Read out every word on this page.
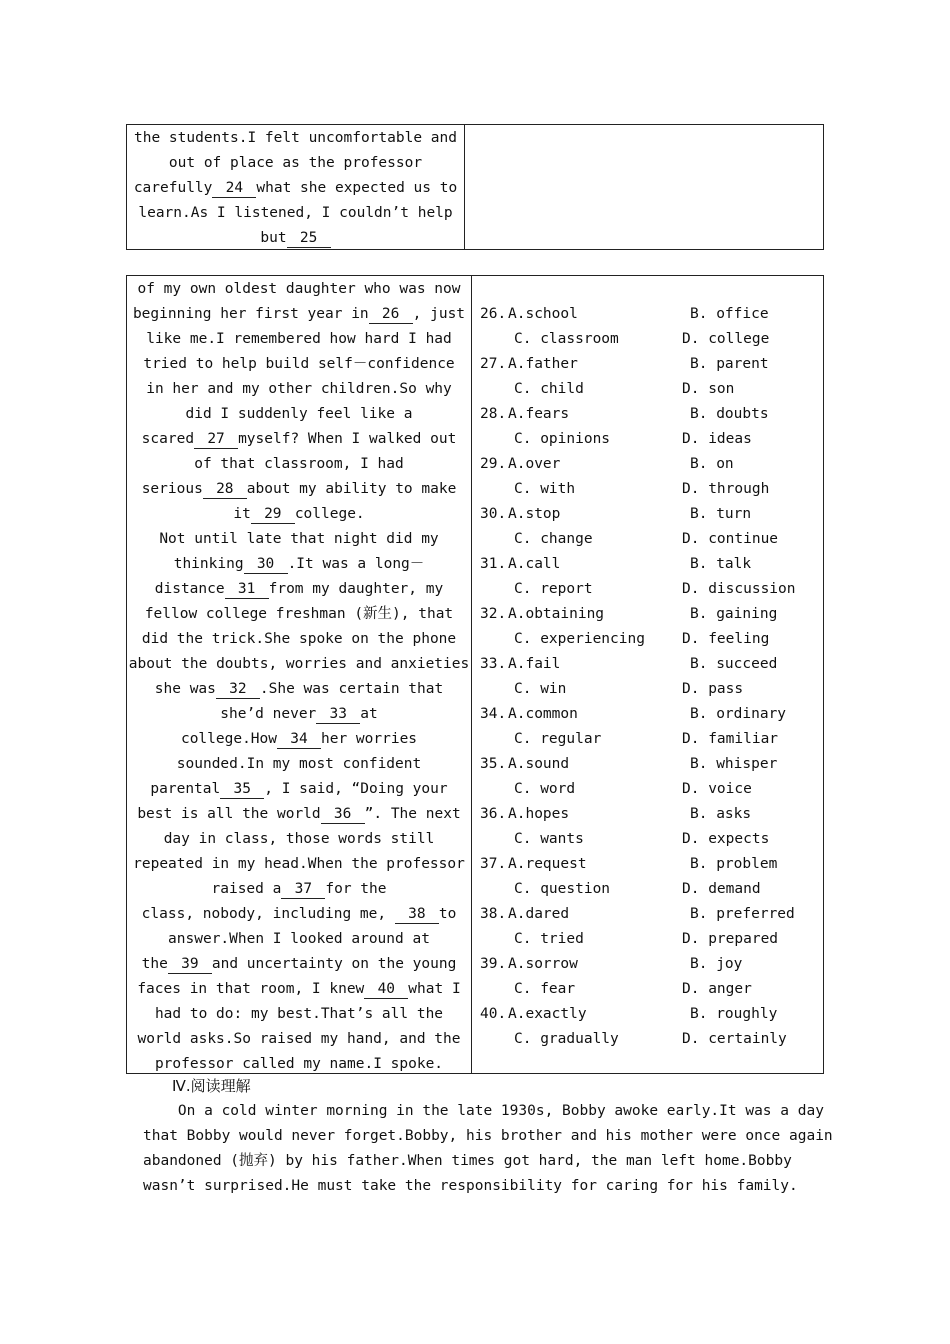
the students.I felt uncomfortable and
out of place as the professor
carefully 24 what she expected us to
learn.As I listened, I couldn’t help
but 25
of my own oldest daughter who was now
beginning her first year in 26 , just
like me.I remembered how hard I had
tried to help build self－confidence
in her and my other children.So why
did I suddenly feel like a
scared 27 myself? When I walked out
of that classroom, I had
serious 28 about my ability to make
it 29 college.
Not until late that night did my
thinking 30 .It was a long－
distance 31 from my daughter, my
fellow college freshman (新生), that
did the trick.She spoke on the phone
about the doubts, worries and anxieties
she was 32 .She was certain that
she’d never 33 at
college.How 34 her worries
sounded.In my most confident
parental 35 , I said, “Doing your
best is all the world 36 ”. The next
day in class, those words still
repeated in my head.When the professor
raised a 37 for the
class, nobody, including me, 38 to
answer.When I looked around at
the 39 and uncertainty on the young
faces in that room, I knew 40 what I
had to do: my best.That’s all the
world asks.So raised my hand, and the
professor called my name.I spoke.
26. A.school	B. office
C. classroom	D. college
27. A.father	B. parent
C. child	D. son
28. A.fears	B. doubts
C. opinions	D. ideas
29. A.over	B. on
C. with	D. through
30. A.stop	B. turn
C. change	D. continue
31. A.call	B. talk
C. report	D. discussion
32. A.obtaining	B. gaining
C. experiencing	D. feeling
33. A.fail	B. succeed
C. win	D. pass
34. A.common	B. ordinary
C. regular	D. familiar
35. A.sound	B. whisper
C. word	D. voice
36. A.hopes	B. asks
C. wants	D. expects
37. A.request	B. problem
C. question	D. demand
38. A.dared	B. preferred
C. tried	D. prepared
39. A.sorrow	B. joy
C. fear	D. anger
40. A.exactly	B. roughly
C. gradually	D. certainly
Ⅳ.阅读理解
On a cold winter morning in the late 1930s, Bobby awoke early.It was a day
that Bobby would never forget.Bobby, his brother and his mother were once again
abandoned (抛弃) by his father.When times got hard, the man left home.Bobby
wasn’t surprised.He must take the responsibility for caring for his family.
